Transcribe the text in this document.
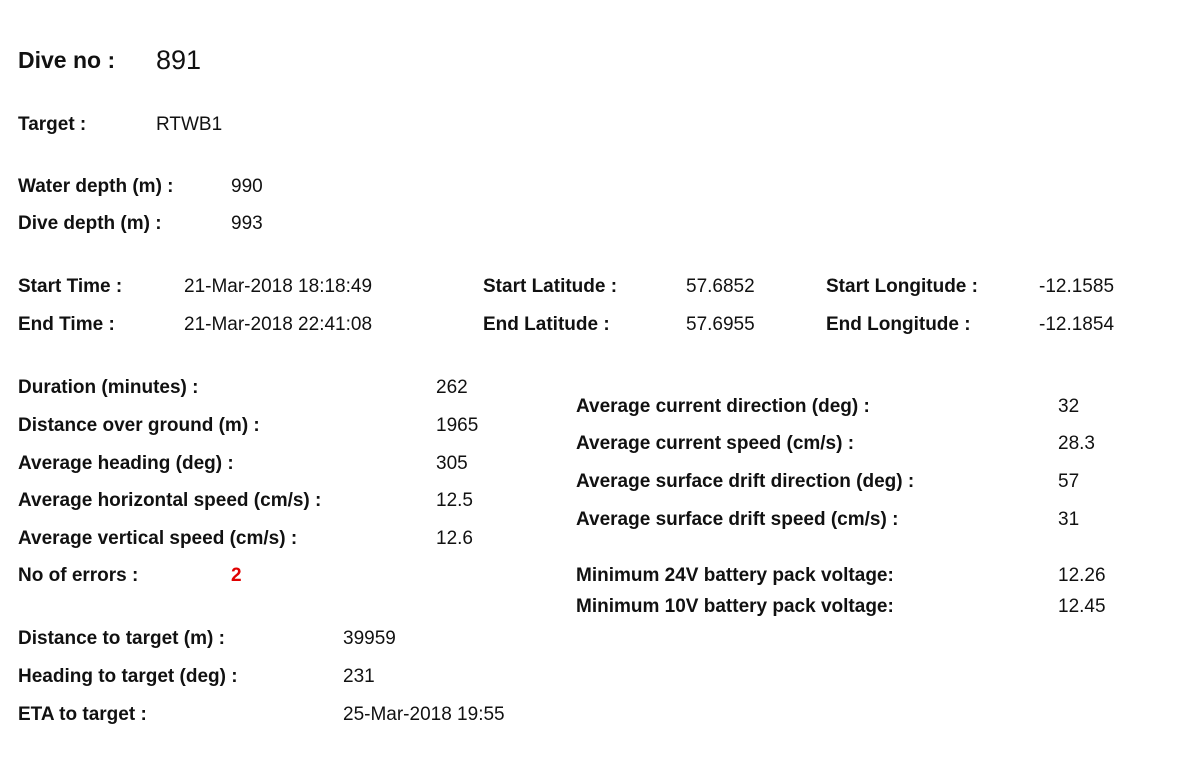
Dive no : 891
Target :	RTWB1
Water depth (m) :	990
Dive depth (m) :	993
Start Time :	21-Mar-2018 18:18:49
End Time :	21-Mar-2018 22:41:08
Start Latitude :	57.6852
End Latitude :	57.6955
Start Longitude :	-12.1585
End Longitude :	-12.1854
Duration (minutes) :	262
Distance over ground (m) :	1965
Average heading (deg) :	305
Average horizontal speed (cm/s) :	12.5
Average vertical speed (cm/s) :	12.6
No of errors :	2
Average current direction (deg) :	32
Average current speed (cm/s) :	28.3
Average surface drift direction (deg) :	57
Average surface drift speed (cm/s) :	31
Minimum 24V battery pack voltage:	12.26
Minimum 10V battery pack voltage:	12.45
Distance to target (m) :	39959
Heading to target (deg) :	231
ETA to target :	25-Mar-2018 19:55
